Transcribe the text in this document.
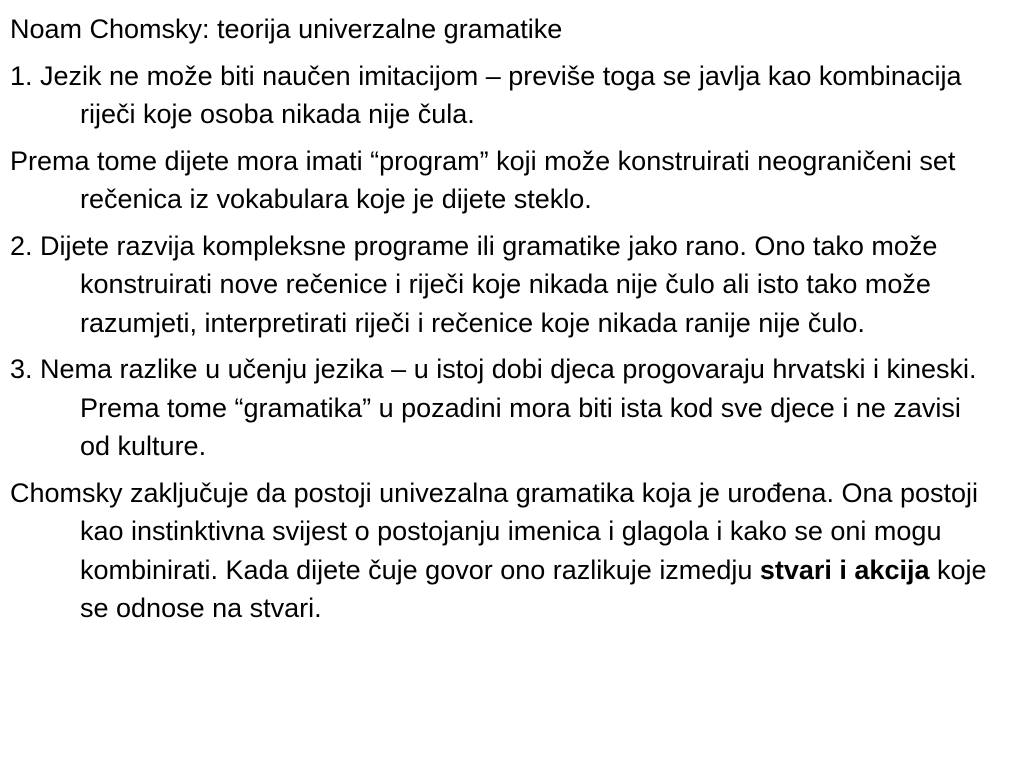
Noam Chomsky: teorija univerzalne gramatike

1. Jezik ne može biti naučen imitacijom – previše toga se javlja kao kombinacija riječi koje osoba nikada nije čula.

Prema tome dijete mora imati “program” koji može konstruirati neograničeni set rečenica iz vokabulara koje je dijete steklo.

2. Dijete razvija kompleksne programe ili gramatike jako rano. Ono tako može konstruirati nove rečenice i riječi koje nikada nije čulo ali isto tako može razumjeti, interpretirati riječi i rečenice koje nikada ranije nije čulo.

3. Nema razlike u učenju jezika – u istoj dobi djeca progovaraju hrvatski i kineski. Prema tome “gramatika” u pozadini mora biti ista kod sve djece i ne zavisi od kulture.

Chomsky zaključuje da postoji univezalna gramatika koja je urođena. Ona postoji kao instinktivna svijest o postojanju imenica i glagola i kako se oni mogu kombinirati. Kada dijete čuje govor ono razlikuje izmedju stvari i akcija koje se odnose na stvari.
